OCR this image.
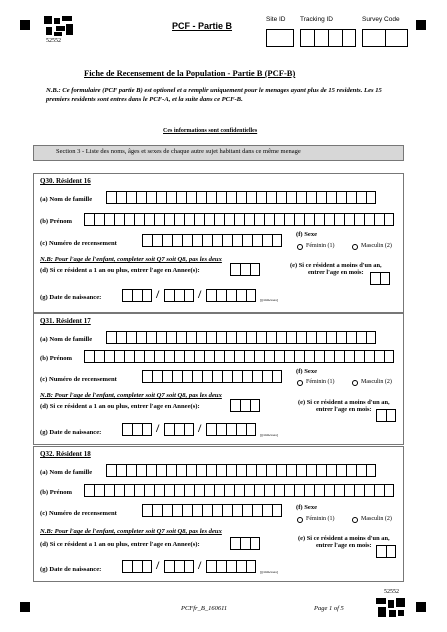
52552
PCF - Partie B
Site ID Tracking ID	Survey Code
Fiche de Recensement de la Population - Partie B (PCF-B)
N.B.: Ce formulaire (PCF partie B) est optionel et a remplir uniquement pour le menages ayant plus de 15 residents. Les 15 premiers residents sont entres dans le PCF-A, et la suite dans ce PCF-B.
Ces informations sont confidentielles
Section 3 - Liste des noms, âges et sexes de chaque autre sujet habitant dans ce même menage
Q30. Résident 16
(a) Nom de famille
(b) Prénom
(c) Numéro de recensement
(f) Sexe
Féminin (1)	Masculin (2)
N.B: Pour l'age de l'enfant, completer soit Q7 soit Q8, pas les deux
(d) Si ce résident a 1 an ou plus, entrer l'age en Annee(s):
(e) Si ce résident a moins d'un an,
entrer l'age en mois:
(g) Date de naissance:	/	/	[jj/mm/aaaa]
Q31. Résident 17
(a) Nom de famille
(b) Prénom
(c) Numéro de recensement
(f) Sexe
Féminin (1)	Masculin (2)
N.B: Pour l'age de l'enfant, completer soit Q7 soit Q8, pas les deux
(d) Si ce résident a 1 an ou plus, entrer l'age en Annee(s):
(e) Si ce résident a moins d'un an,
entrer l'age en mois:
(g) Date de naissance:	/	/	[jj/mm/aaaa]
Q32. Résident 18
(a) Nom de famille
(b) Prénom
(c) Numéro de recensement
(f) Sexe
Féminin (1)	Masculin (2)
N.B: Pour l'age de l'enfant, completer soit Q7 soit Q8, pas les deux
(d) Si ce résident a 1 an ou plus, entrer l'age en Annee(s):
(e) Si ce résident a moins d'un an,
entrer l'age en mois:
(g) Date de naissance:	/	/	[jj/mm/aaaa]
52552
PCFfr_B_160611	Page 1 of 5
